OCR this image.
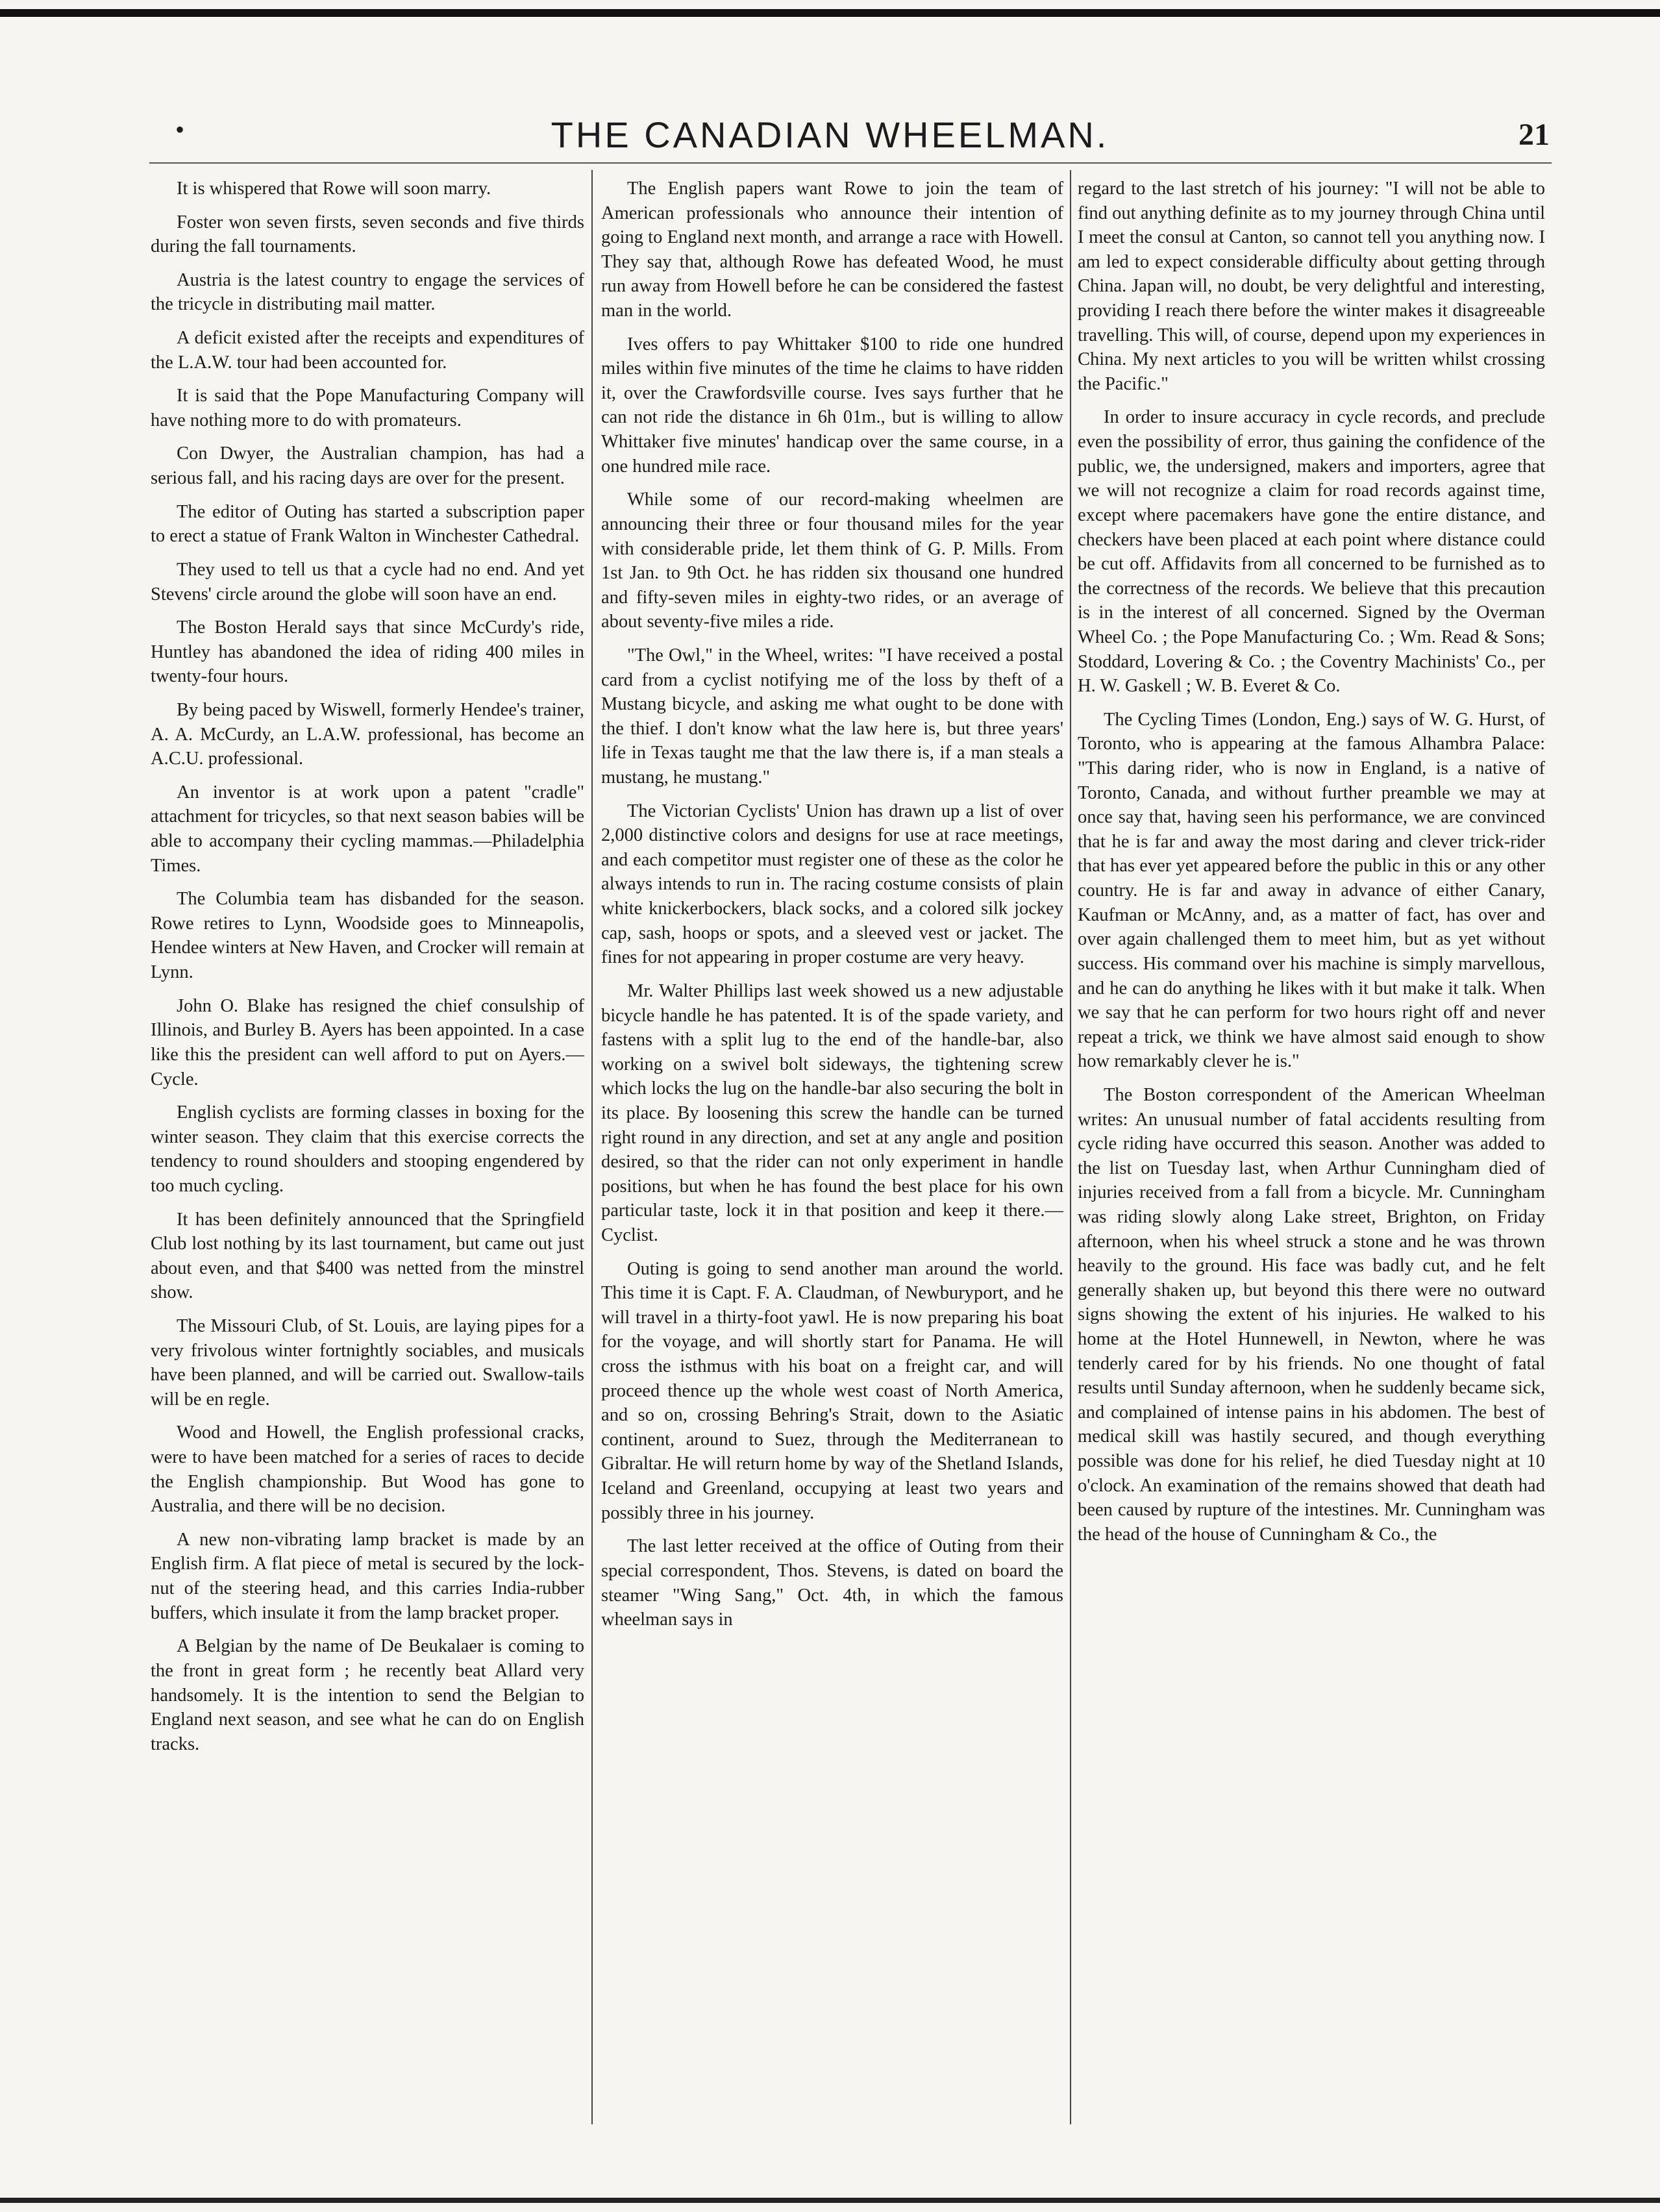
•	THE CANADIAN WHEELMAN.	21

It is whispered that Rowe will soon marry.

Foster won seven firsts, seven seconds and five thirds during the fall tournaments.

Austria is the latest country to engage the services of the tricycle in distributing mail matter.

A deficit existed after the receipts and expenditures of the L.A.W. tour had been accounted for.

It is said that the Pope Manufacturing Company will have nothing more to do with promateurs.

Con Dwyer, the Australian champion, has had a serious fall, and his racing days are over for the present.

The editor of Outing has started a subscription paper to erect a statue of Frank Walton in Winchester Cathedral.

They used to tell us that a cycle had no end. And yet Stevens' circle around the globe will soon have an end.

The Boston Herald says that since McCurdy's ride, Huntley has abandoned the idea of riding 400 miles in twenty-four hours.

By being paced by Wiswell, formerly Hendee's trainer, A. A. McCurdy, an L.A.W. professional, has become an A.C.U. professional.

An inventor is at work upon a patent "cradle" attachment for tricycles, so that next season babies will be able to accompany their cycling mammas.—Philadelphia Times.

The Columbia team has disbanded for the season. Rowe retires to Lynn, Woodside goes to Minneapolis, Hendee winters at New Haven, and Crocker will remain at Lynn.

John O. Blake has resigned the chief consulship of Illinois, and Burley B. Ayers has been appointed. In a case like this the president can well afford to put on Ayers.—Cycle.

English cyclists are forming classes in boxing for the winter season. They claim that this exercise corrects the tendency to round shoulders and stooping engendered by too much cycling.

It has been definitely announced that the Springfield Club lost nothing by its last tournament, but came out just about even, and that $400 was netted from the minstrel show.

The Missouri Club, of St. Louis, are laying pipes for a very frivolous winter fortnightly sociables, and musicals have been planned, and will be carried out. Swallow-tails will be en regle.

Wood and Howell, the English professional cracks, were to have been matched for a series of races to decide the English championship. But Wood has gone to Australia, and there will be no decision.

A new non-vibrating lamp bracket is made by an English firm. A flat piece of metal is secured by the lock-nut of the steering head, and this carries India-rubber buffers, which insulate it from the lamp bracket proper.

A Belgian by the name of De Beukalaer is coming to the front in great form ; he recently beat Allard very handsomely. It is the intention to send the Belgian to England next season, and see what he can do on English tracks.

The English papers want Rowe to join the team of American professionals who announce their intention of going to England next month, and arrange a race with Howell. They say that, although Rowe has defeated Wood, he must run away from Howell before he can be considered the fastest man in the world.

Ives offers to pay Whittaker $100 to ride one hundred miles within five minutes of the time he claims to have ridden it, over the Crawfordsville course. Ives says further that he can not ride the distance in 6h 01m., but is willing to allow Whittaker five minutes' handicap over the same course, in a one hundred mile race.

While some of our record-making wheelmen are announcing their three or four thousand miles for the year with considerable pride, let them think of G. P. Mills. From 1st Jan. to 9th Oct. he has ridden six thousand one hundred and fifty-seven miles in eighty-two rides, or an average of about seventy-five miles a ride.

"The Owl," in the Wheel, writes: "I have received a postal card from a cyclist notifying me of the loss by theft of a Mustang bicycle, and asking me what ought to be done with the thief. I don't know what the law here is, but three years' life in Texas taught me that the law there is, if a man steals a mustang, he mustang."

The Victorian Cyclists' Union has drawn up a list of over 2,000 distinctive colors and designs for use at race meetings, and each competitor must register one of these as the color he always intends to run in. The racing costume consists of plain white knickerbockers, black socks, and a colored silk jockey cap, sash, hoops or spots, and a sleeved vest or jacket. The fines for not appearing in proper costume are very heavy.

Mr. Walter Phillips last week showed us a new adjustable bicycle handle he has patented. It is of the spade variety, and fastens with a split lug to the end of the handle-bar, also working on a swivel bolt sideways, the tightening screw which locks the lug on the handle-bar also securing the bolt in its place. By loosening this screw the handle can be turned right round in any direction, and set at any angle and position desired, so that the rider can not only experiment in handle positions, but when he has found the best place for his own particular taste, lock it in that position and keep it there.—Cyclist.

Outing is going to send another man around the world. This time it is Capt. F. A. Claudman, of Newburyport, and he will travel in a thirty-foot yawl. He is now preparing his boat for the voyage, and will shortly start for Panama. He will cross the isthmus with his boat on a freight car, and will proceed thence up the whole west coast of North America, and so on, crossing Behring's Strait, down to the Asiatic continent, around to Suez, through the Mediterranean to Gibraltar. He will return home by way of the Shetland Islands, Iceland and Greenland, occupying at least two years and possibly three in his journey.

The last letter received at the office of Outing from their special correspondent, Thos. Stevens, is dated on board the steamer "Wing Sang," Oct. 4th, in which the famous wheelman says in

regard to the last stretch of his journey: "I will not be able to find out anything definite as to my journey through China until I meet the consul at Canton, so cannot tell you anything now. I am led to expect considerable difficulty about getting through China. Japan will, no doubt, be very delightful and interesting, providing I reach there before the winter makes it disagreeable travelling. This will, of course, depend upon my experiences in China. My next articles to you will be written whilst crossing the Pacific."

In order to insure accuracy in cycle records, and preclude even the possibility of error, thus gaining the confidence of the public, we, the undersigned, makers and importers, agree that we will not recognize a claim for road records against time, except where pacemakers have gone the entire distance, and checkers have been placed at each point where distance could be cut off. Affidavits from all concerned to be furnished as to the correctness of the records. We believe that this precaution is in the interest of all concerned. Signed by the Overman Wheel Co. ; the Pope Manufacturing Co. ; Wm. Read & Sons; Stoddard, Lovering & Co. ; the Coventry Machinists' Co., per H. W. Gaskell ; W. B. Everet & Co.

The Cycling Times (London, Eng.) says of W. G. Hurst, of Toronto, who is appearing at the famous Alhambra Palace: "This daring rider, who is now in England, is a native of Toronto, Canada, and without further preamble we may at once say that, having seen his performance, we are convinced that he is far and away the most daring and clever trick-rider that has ever yet appeared before the public in this or any other country. He is far and away in advance of either Canary, Kaufman or McAnny, and, as a matter of fact, has over and over again challenged them to meet him, but as yet without success. His command over his machine is simply marvellous, and he can do anything he likes with it but make it talk. When we say that he can perform for two hours right off and never repeat a trick, we think we have almost said enough to show how remarkably clever he is."

The Boston correspondent of the American Wheelman writes: An unusual number of fatal accidents resulting from cycle riding have occurred this season. Another was added to the list on Tuesday last, when Arthur Cunningham died of injuries received from a fall from a bicycle. Mr. Cunningham was riding slowly along Lake street, Brighton, on Friday afternoon, when his wheel struck a stone and he was thrown heavily to the ground. His face was badly cut, and he felt generally shaken up, but beyond this there were no outward signs showing the extent of his injuries. He walked to his home at the Hotel Hunnewell, in Newton, where he was tenderly cared for by his friends. No one thought of fatal results until Sunday afternoon, when he suddenly became sick, and complained of intense pains in his abdomen. The best of medical skill was hastily secured, and though everything possible was done for his relief, he died Tuesday night at 10 o'clock. An examination of the remains showed that death had been caused by rupture of the intestines. Mr. Cunningham was the head of the house of Cunningham & Co., the
